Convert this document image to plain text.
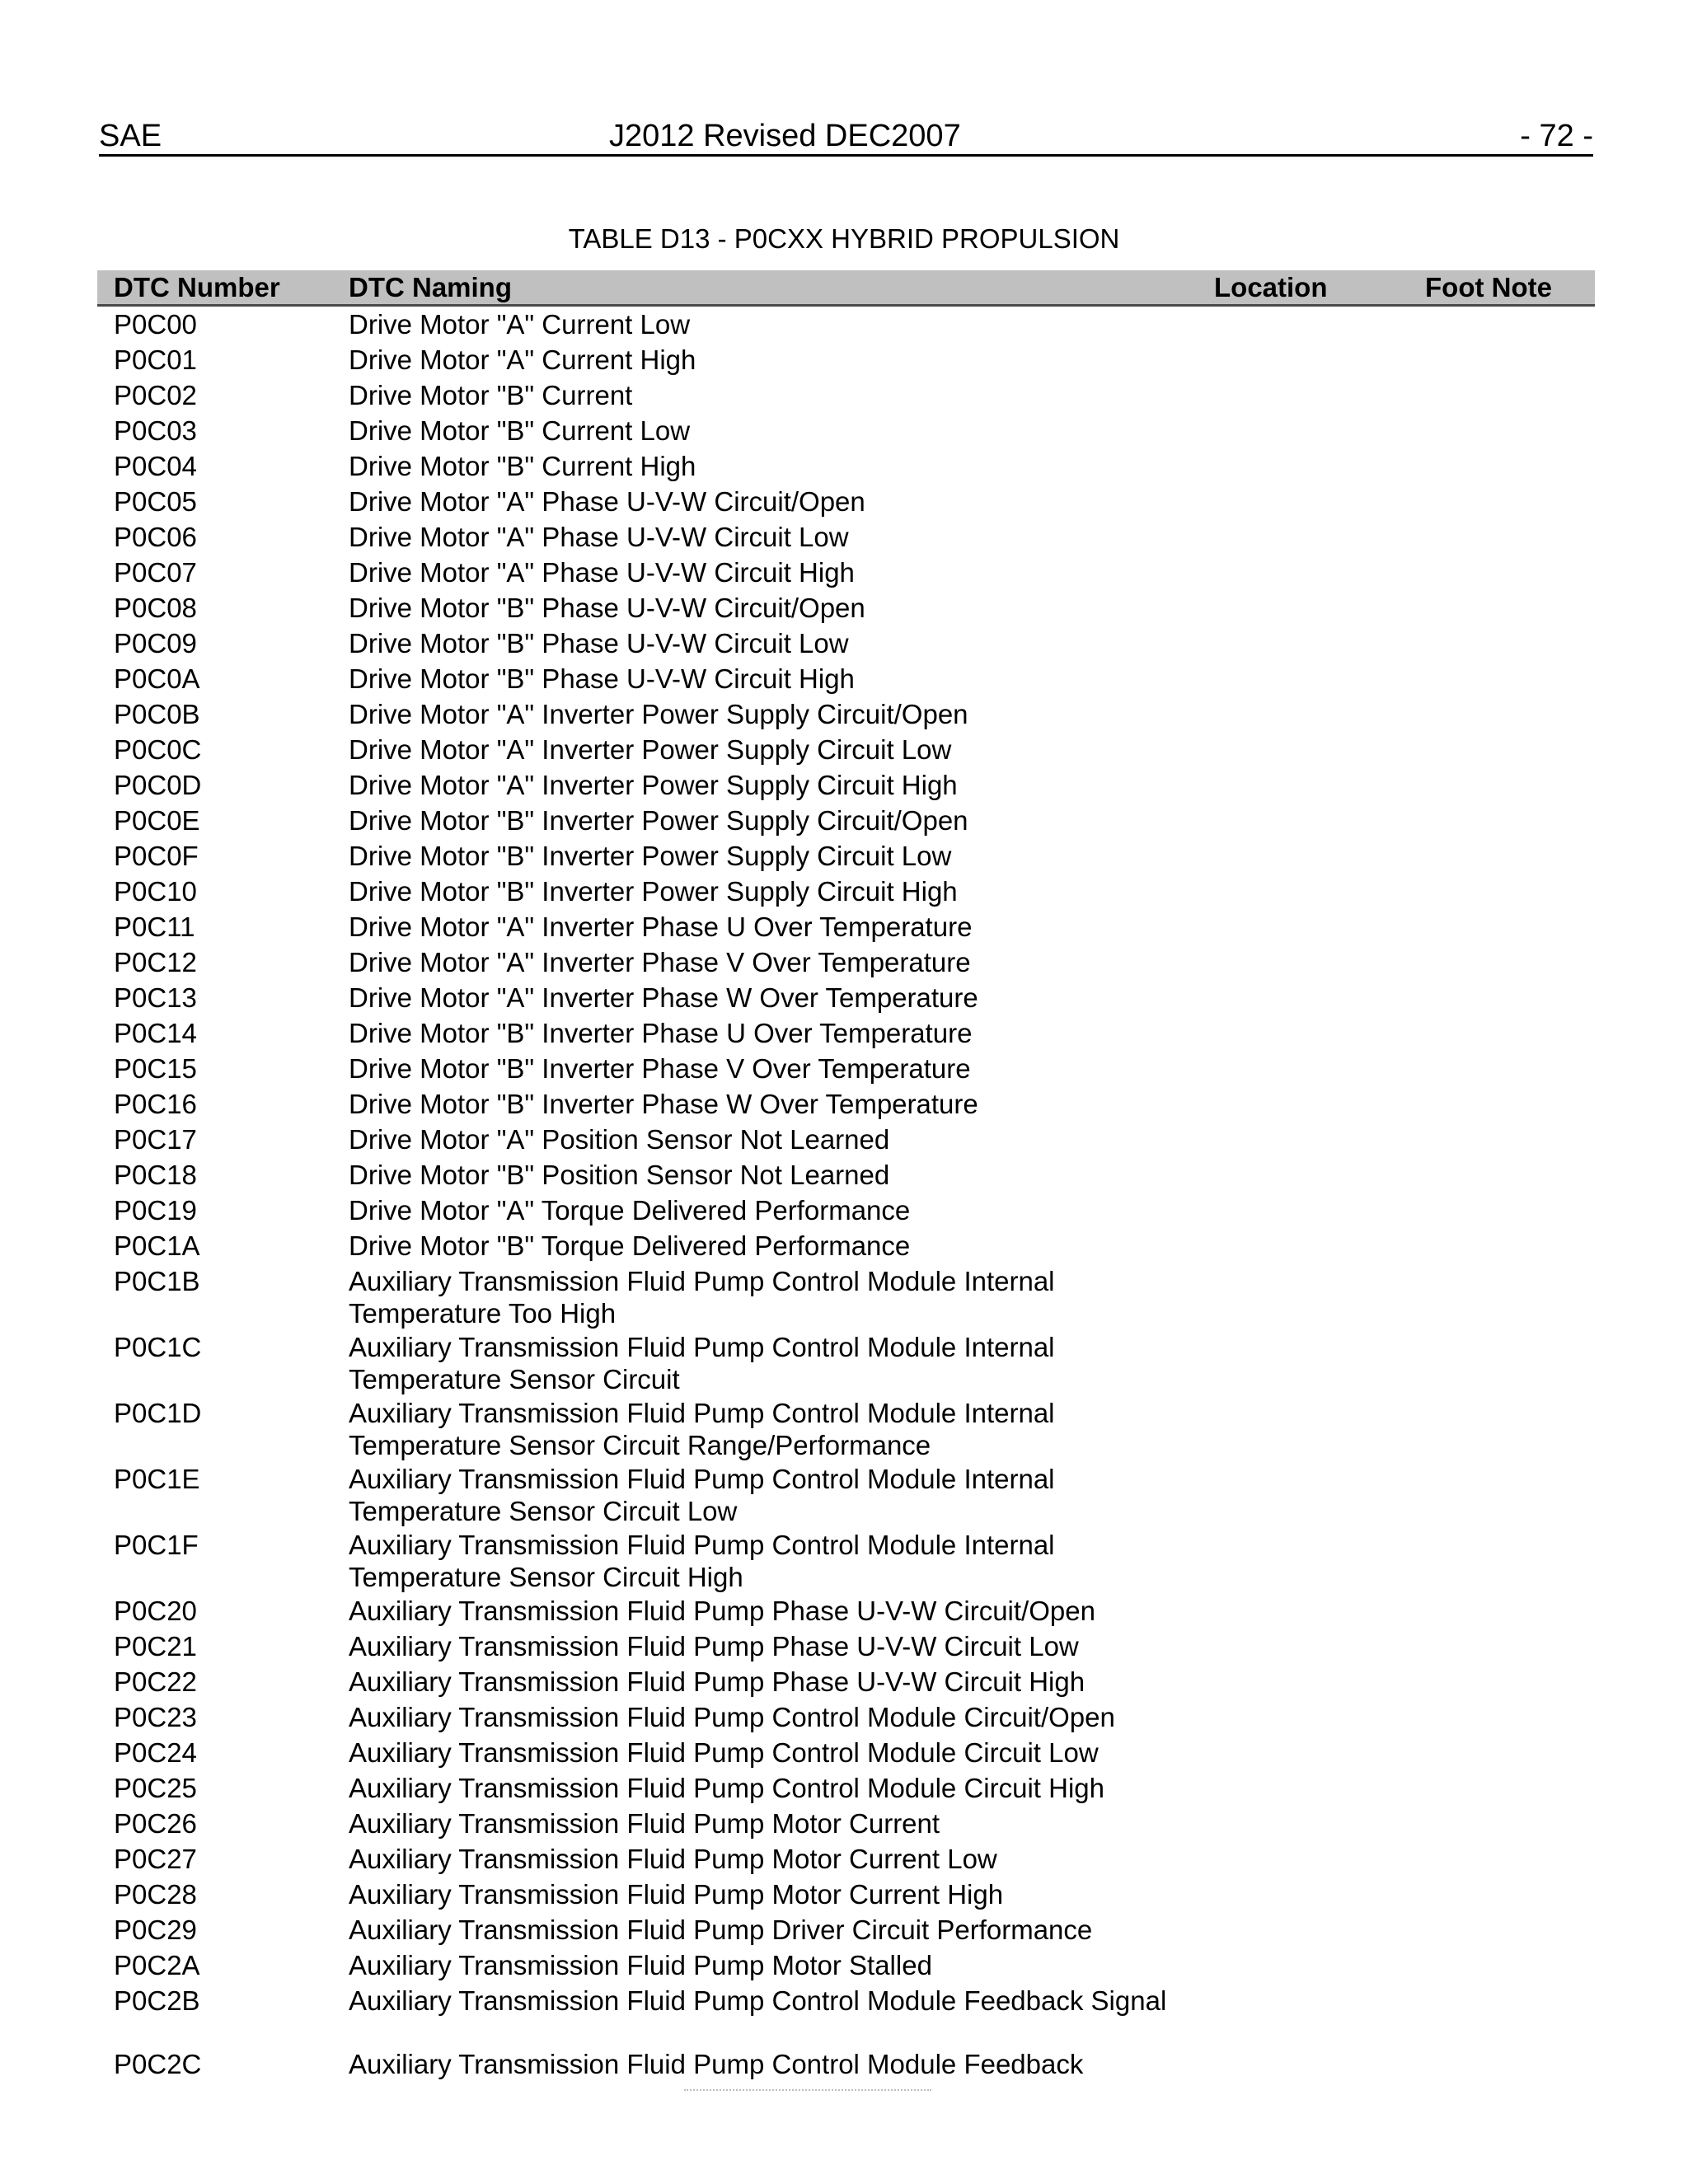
SAE	J2012 Revised DEC2007	- 72 -
TABLE D13 - P0CXX HYBRID PROPULSION
DTC Number	DTC Naming	Location	Foot Note
P0C00	Drive Motor "A" Current Low
P0C01	Drive Motor "A" Current High
P0C02	Drive Motor "B" Current
P0C03	Drive Motor "B" Current Low
P0C04	Drive Motor "B" Current High
P0C05	Drive Motor "A" Phase U-V-W Circuit/Open
P0C06	Drive Motor "A" Phase U-V-W Circuit Low
P0C07	Drive Motor "A" Phase U-V-W Circuit High
P0C08	Drive Motor "B" Phase U-V-W Circuit/Open
P0C09	Drive Motor "B" Phase U-V-W Circuit Low
P0C0A	Drive Motor "B" Phase U-V-W Circuit High
P0C0B	Drive Motor "A" Inverter Power Supply Circuit/Open
P0C0C	Drive Motor "A" Inverter Power Supply Circuit Low
P0C0D	Drive Motor "A" Inverter Power Supply Circuit High
P0C0E	Drive Motor "B" Inverter Power Supply Circuit/Open
P0C0F	Drive Motor "B" Inverter Power Supply Circuit Low
P0C10	Drive Motor "B" Inverter Power Supply Circuit High
P0C11	Drive Motor "A" Inverter Phase U Over Temperature
P0C12	Drive Motor "A" Inverter Phase V Over Temperature
P0C13	Drive Motor "A" Inverter Phase W Over Temperature
P0C14	Drive Motor "B" Inverter Phase U Over Temperature
P0C15	Drive Motor "B" Inverter Phase V Over Temperature
P0C16	Drive Motor "B" Inverter Phase W Over Temperature
P0C17	Drive Motor "A" Position Sensor Not Learned
P0C18	Drive Motor "B" Position Sensor Not Learned
P0C19	Drive Motor "A" Torque Delivered Performance
P0C1A	Drive Motor "B" Torque Delivered Performance
P0C1B	Auxiliary Transmission Fluid Pump Control Module Internal Temperature Too High
P0C1C	Auxiliary Transmission Fluid Pump Control Module Internal Temperature Sensor Circuit
P0C1D	Auxiliary Transmission Fluid Pump Control Module Internal Temperature Sensor Circuit Range/Performance
P0C1E	Auxiliary Transmission Fluid Pump Control Module Internal Temperature Sensor Circuit Low
P0C1F	Auxiliary Transmission Fluid Pump Control Module Internal Temperature Sensor Circuit High
P0C20	Auxiliary Transmission Fluid Pump Phase U-V-W Circuit/Open
P0C21	Auxiliary Transmission Fluid Pump Phase U-V-W Circuit Low
P0C22	Auxiliary Transmission Fluid Pump Phase U-V-W Circuit High
P0C23	Auxiliary Transmission Fluid Pump Control Module Circuit/Open
P0C24	Auxiliary Transmission Fluid Pump Control Module Circuit Low
P0C25	Auxiliary Transmission Fluid Pump Control Module Circuit High
P0C26	Auxiliary Transmission Fluid Pump Motor Current
P0C27	Auxiliary Transmission Fluid Pump Motor Current Low
P0C28	Auxiliary Transmission Fluid Pump Motor Current High
P0C29	Auxiliary Transmission Fluid Pump Driver Circuit Performance
P0C2A	Auxiliary Transmission Fluid Pump Motor Stalled
P0C2B	Auxiliary Transmission Fluid Pump Control Module Feedback Signal
P0C2C	Auxiliary Transmission Fluid Pump Control Module Feedback
